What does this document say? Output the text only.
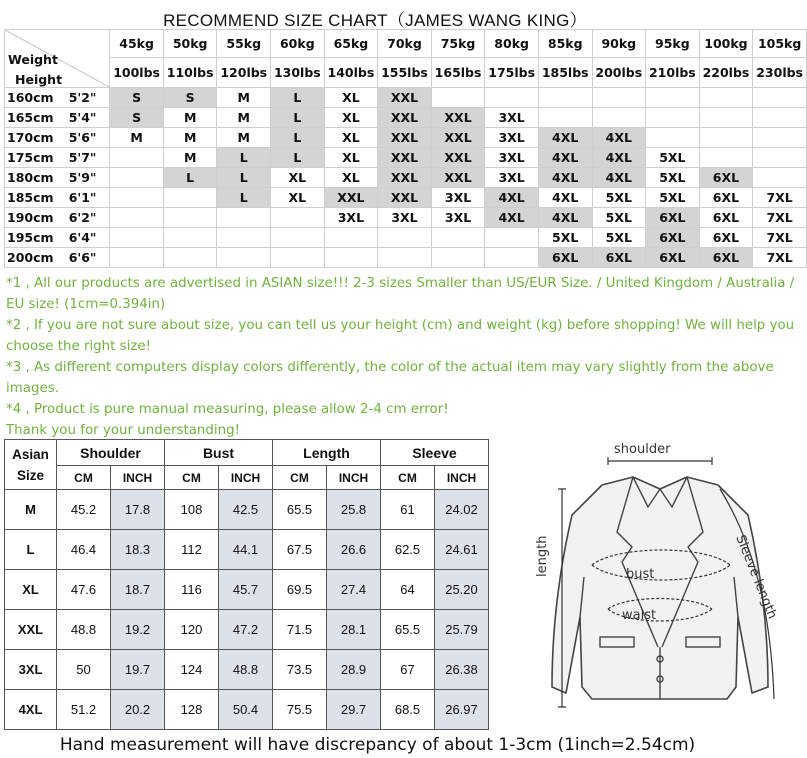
RECOMMEND SIZE CHART（JAMES WANG KING）
Weight
Height		45kg	50kg	55kg	60kg	65kg	70kg	75kg	80kg	85kg	90kg	95kg	100kg	105kg
		100lbs	110lbs	120lbs	130lbs	140lbs	155lbs	165lbs	175lbs	185lbs	200lbs	210lbs	220lbs	230lbs
160cm	5'2"	S	S	M	L	XL	XXL							
165cm	5'4"	S	M	M	L	XL	XXL	XXL	3XL					
170cm	5'6"	M	M	M	L	XL	XXL	XXL	3XL	4XL	4XL			
175cm	5'7"		M	L	L	XL	XXL	XXL	3XL	4XL	4XL	5XL		
180cm	5'9"		L	L	XL	XL	XXL	XXL	3XL	4XL	4XL	5XL	6XL	
185cm	6'1"			L	XL	XXL	XXL	3XL	4XL	4XL	5XL	5XL	6XL	7XL
190cm	6'2"					3XL	3XL	3XL	4XL	4XL	5XL	6XL	6XL	7XL
195cm	6'4"									5XL	5XL	6XL	6XL	7XL
200cm	6'6"									6XL	6XL	6XL	6XL	7XL

*1 , All our products are advertised in ASIAN size!!! 2-3 sizes Smaller than US/EUR Size. / United Kingdom / Australia / EU size! (1cm=0.394in)

*2 , If you are not sure about size, you can tell us your height (cm) and weight (kg) before shopping! We will help you choose the right size!

*3 , As different computers display colors differently, the color of the actual item may vary slightly from the above images.

*4 , Product is pure manual measuring, please allow 2-4 cm error!

Thank you for your understanding!

Asian
Size	Shoulder		Bust		Length		Sleeve	
	CM	INCH	CM	INCH	CM	INCH	CM	INCH
M	45.2	17.8	108	42.5	65.5	25.8	61	24.02
L	46.4	18.3	112	44.1	67.5	26.6	62.5	24.61
XL	47.6	18.7	116	45.7	69.5	27.4	64	25.20
XXL	48.8	19.2	120	47.2	71.5	28.1	65.5	25.79
3XL	50	19.7	124	48.8	73.5	28.9	67	26.38
4XL	51.2	20.2	128	50.4	75.5	29.7	68.5	26.97
shoulder
length	bust
waist	Sleeve length
Hand measurement will have discrepancy of about 1-3cm (1inch=2.54cm)
